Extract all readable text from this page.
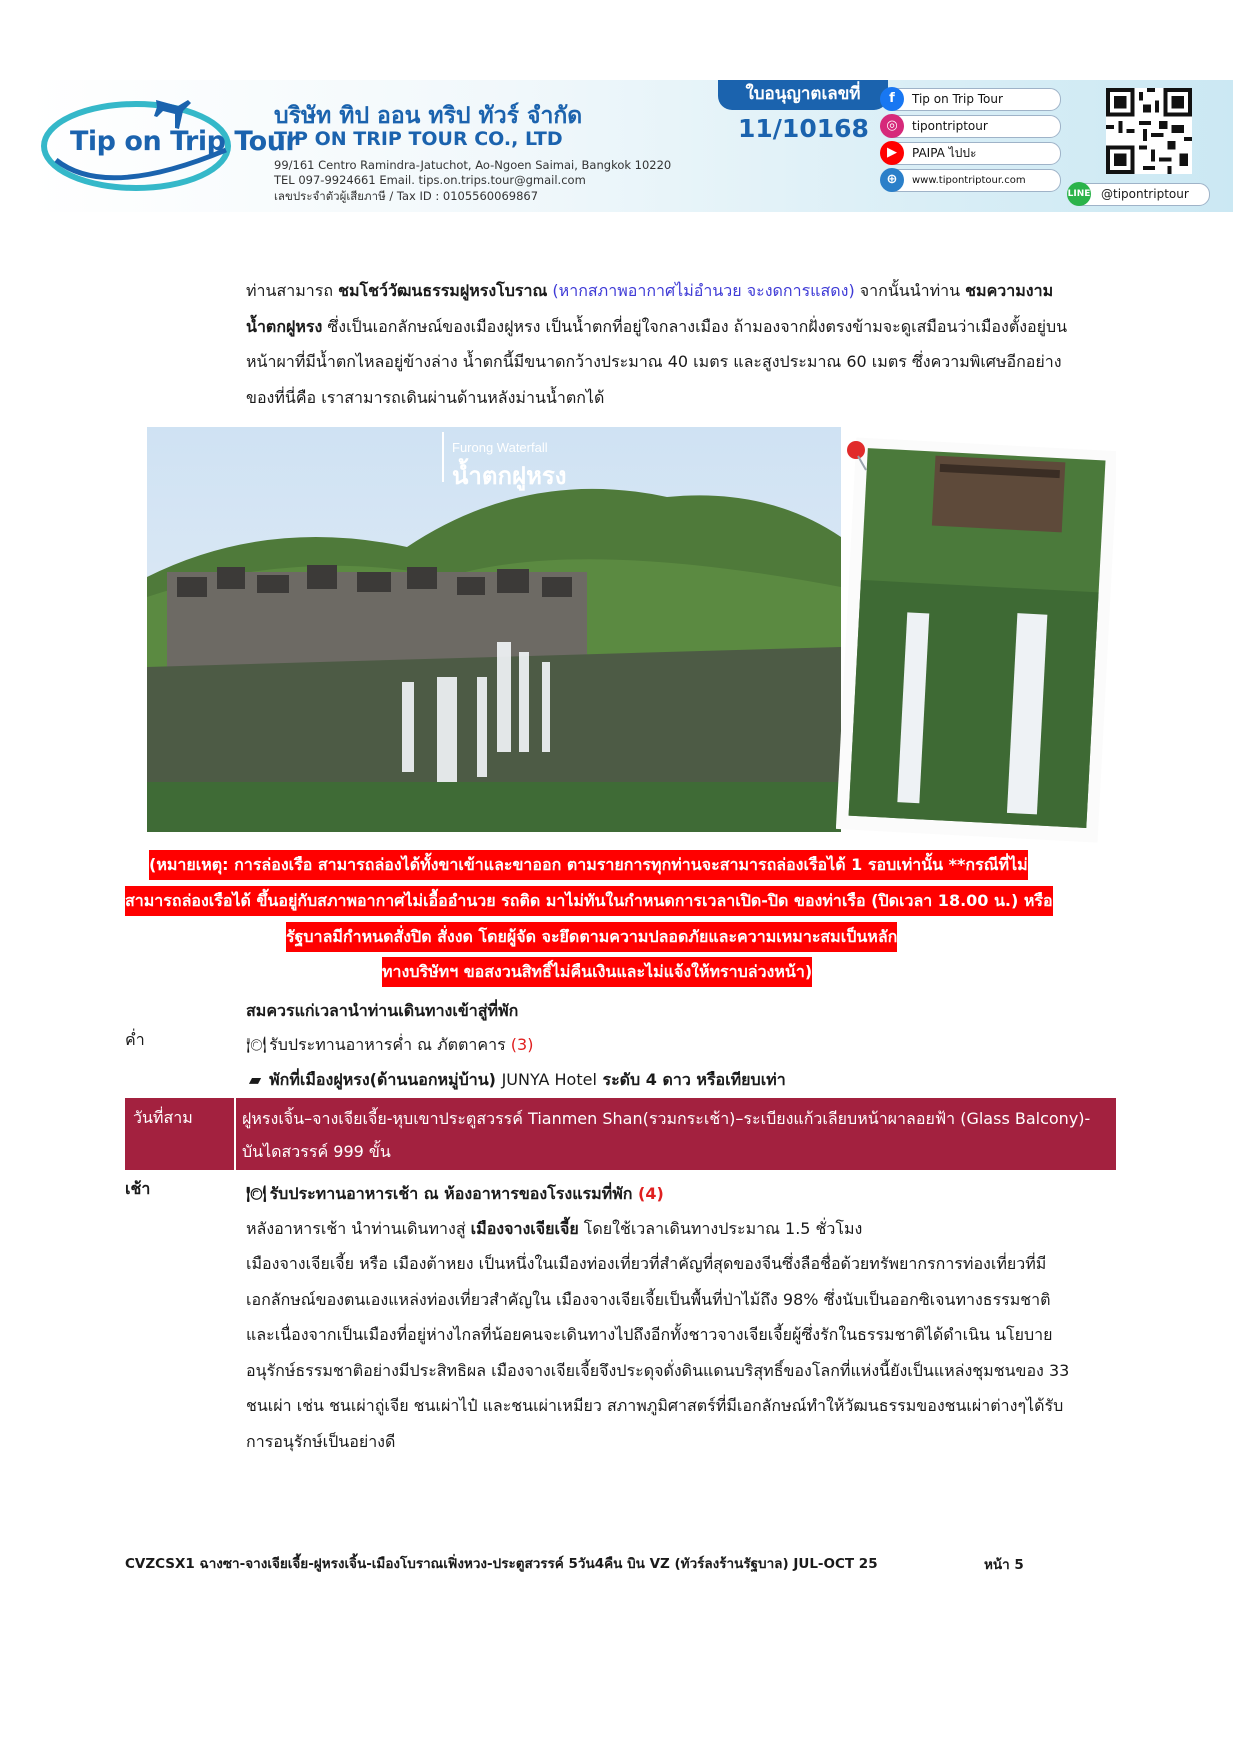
Tip on Trip Tour
บริษัท ทิป ออน ทริป ทัวร์ จำกัด
TIP ON TRIP TOUR CO., LTD
99/161 Centro Ramindra-Jatuchot, Ao-Ngoen Saimai, Bangkok 10220
TEL 097-9924661 Email. tips.on.trips.tour@gmail.com
เลขประจำตัวผู้เสียภาษี / Tax ID : 0105560069867
ใบอนุญาตเลขที่
11/10168
f	Tip on Trip Tour
◎	tipontriptour
▶	PAIPA ไปปะ
⊕	www.tipontriptour.com
LINE @tipontriptour
ท่านสามารถ ชมโชว์วัฒนธรรมฝูหรงโบราณ (หากสภาพอากาศไม่อำนวย จะงดการแสดง) จากนั้นนำท่าน ชมความงาม
น้ำตกฝูหรง ซึ่งเป็นเอกลักษณ์ของเมืองฝูหรง เป็นน้ำตกที่อยู่ใจกลางเมือง ถ้ามองจากฝั่งตรงข้ามจะดูเสมือนว่าเมืองตั้งอยู่บน
หน้าผาที่มีน้ำตกไหลอยู่ข้างล่าง น้ำตกนี้มีขนาดกว้างประมาณ 40 เมตร และสูงประมาณ 60 เมตร ซึ่งความพิเศษอีกอย่าง
ของที่นี่คือ เราสามารถเดินผ่านด้านหลังม่านน้ำตกได้
Furong Waterfall
น้ำตกฝูหรง
(หมายเหตุ: การล่องเรือ สามารถล่องได้ทั้งขาเข้าและขาออก ตามรายการทุกท่านจะสามารถล่องเรือได้ 1 รอบเท่านั้น **กรณีที่ไม่
สามารถล่องเรือได้ ขึ้นอยู่กับสภาพอากาศไม่เอื้ออำนวย รถติด มาไม่ทันในกำหนดการเวลาเปิด-ปิด ของท่าเรือ (ปิดเวลา 18.00 น.) หรือ
รัฐบาลมีกำหนดสั่งปิด สั่งงด โดยผู้จัด จะยึดตามความปลอดภัยและความเหมาะสมเป็นหลัก
ทางบริษัทฯ ขอสงวนสิทธิ์ไม่คืนเงินและไม่แจ้งให้ทราบล่วงหน้า)
สมควรแก่เวลานำท่านเดินทางเข้าสู่ที่พัก
ค่ำ	🍽 รับประทานอาหารค่ำ ณ ภัตตาคาร (3)
▰ พักที่เมืองฝูหรง(ด้านนอกหมู่บ้าน) JUNYA Hotel ระดับ 4 ดาว หรือเทียบเท่า
วันที่สาม	ฝูหรงเจิ้น–จางเจียเจี้ย-หุบเขาประตูสวรรค์ Tianmen Shan(รวมกระเช้า)–ระเบียงแก้วเลียบหน้าผาลอยฟ้า (Glass Balcony)-บันไดสวรรค์ 999 ขั้น
เช้า	🍽 รับประทานอาหารเช้า ณ ห้องอาหารของโรงแรมที่พัก (4)
หลังอาหารเช้า นำท่านเดินทางสู่ เมืองจางเจียเจี้ย โดยใช้เวลาเดินทางประมาณ 1.5 ชั่วโมง
เมืองจางเจียเจี้ย หรือ เมืองต้าหยง เป็นหนึ่งในเมืองท่องเที่ยวที่สำคัญที่สุดของจีนซึ่งลือชื่อด้วยทรัพยากรการท่องเที่ยวที่มี
เอกลักษณ์ของตนเองแหล่งท่องเที่ยวสำคัญใน เมืองจางเจียเจี้ยเป็นพื้นที่ป่าไม้ถึง 98% ซึ่งนับเป็นออกซิเจนทางธรรมชาติ
และเนื่องจากเป็นเมืองที่อยู่ห่างไกลที่น้อยคนจะเดินทางไปถึงอีกทั้งชาวจางเจียเจี้ยผู้ซึ่งรักในธรรมชาติได้ดำเนิน นโยบาย
อนุรักษ์ธรรมชาติอย่างมีประสิทธิผล เมืองจางเจียเจี้ยจึงประดุจดั่งดินแดนบริสุทธิ์ของโลกที่แห่งนี้ยังเป็นแหล่งชุมชนของ 33
ชนเผ่า เช่น ชนเผ่าถู่เจีย ชนเผ่าไป๋ และชนเผ่าเหมียว สภาพภูมิศาสตร์ที่มีเอกลักษณ์ทำให้วัฒนธรรมของชนเผ่าต่างๆได้รับ
การอนุรักษ์เป็นอย่างดี
CVZCSX1 ฉางซา-จางเจียเจี้ย-ฝูหรงเจิ้น-เมืองโบราณเฟิ่งหวง-ประตูสวรรค์ 5วัน4คืน บิน VZ (ทัวร์ลงร้านรัฐบาล) JUL-OCT 25	หน้า 5
